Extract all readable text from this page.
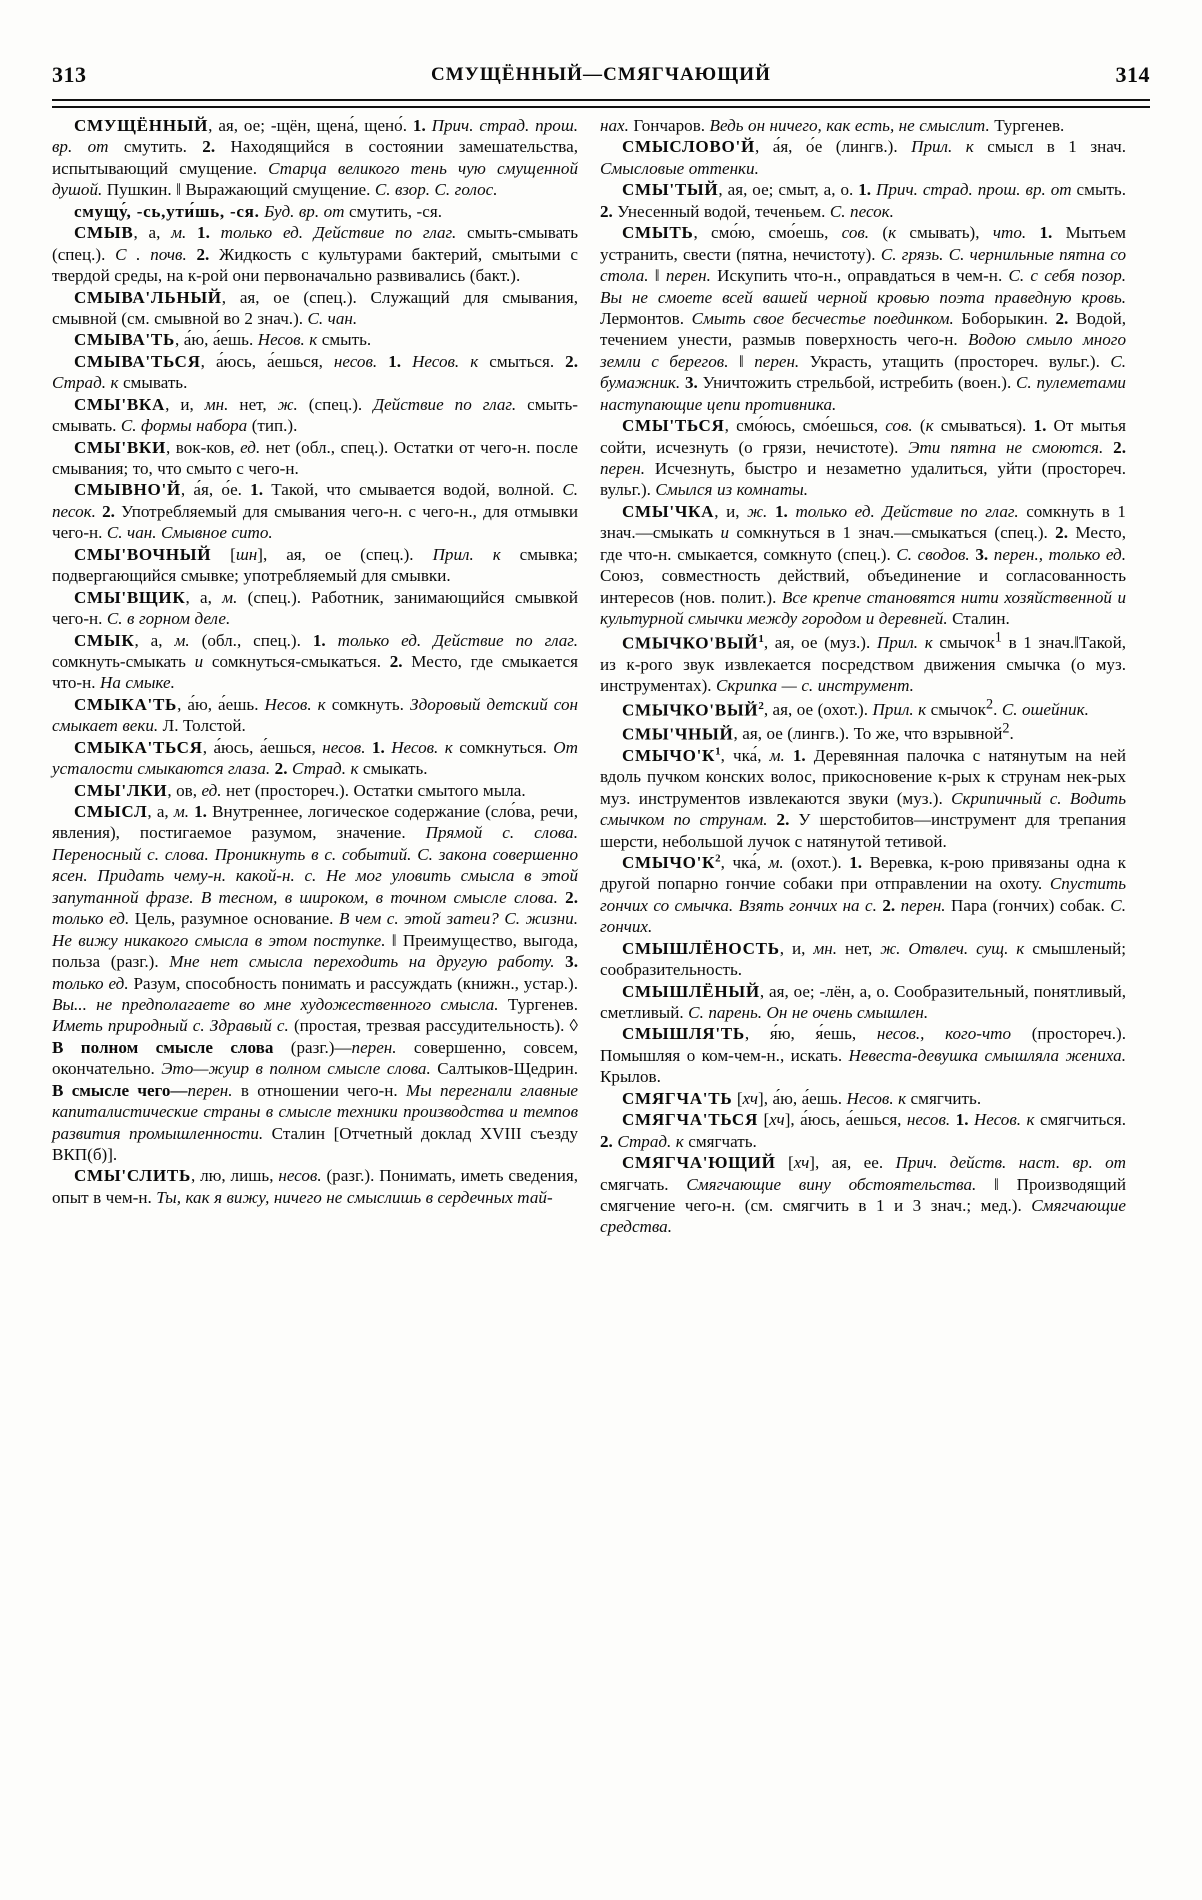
313	СМУЩЁННЫЙ—СМЯГЧАЮЩИЙ	314

СМУЩЁННЫЙ, ая, ое; -щён, щена́, щено́. 1. Прич. страд. прош. вр. от смутить. 2. Находящийся в состоянии замешательства, испытывающий смущение. Старца великого тень чую смущенной душой. Пушкин. ǁ Выражающий смущение. С. взор. С. голос.

смущу́, -сь,ути́шь, -ся. Буд. вр. от смутить, -ся.

СМЫВ, а, м. 1. только ед. Действие по глаг. смыть-смывать (спец.). С . почв. 2. Жидкость с культурами бактерий, смытыми с твердой среды, на к-рой они первоначально развивались (бакт.).

СМЫВА'ЛЬНЫЙ, ая, ое (спец.). Служащий для смывания, смывной (см. смывной во 2 знач.). С. чан.

СМЫВА'ТЬ, а́ю, а́ешь. Несов. к смыть.

СМЫВА'ТЬСЯ, а́юсь, а́ешься, несов. 1. Несов. к смыться. 2. Страд. к смывать.

СМЫ'ВКА, и, мн. нет, ж. (спец.). Действие по глаг. смыть-смывать. С. формы набора (тип.).

СМЫ'ВКИ, вок-ков, ед. нет (обл., спец.). Остатки от чего-н. после смывания; то, что смыто с чего-н.

СМЫВНО'Й, а́я, о́е. 1. Такой, что смывается водой, волной. С. песок. 2. Употребляемый для смывания чего-н. с чего-н., для отмывки чего-н. С. чан. Смывное сито.

СМЫ'ВОЧНЫЙ [шн], ая, ое (спец.). Прил. к смывка; подвергающийся смывке; употребляемый для смывки.

СМЫ'ВЩИК, а, м. (спец.). Работник, занимающийся смывкой чего-н. С. в горном деле.

СМЫК, а, м. (обл., спец.). 1. только ед. Действие по глаг. сомкнуть-смыкать и сомкнуться-смыкаться. 2. Место, где смыкается что-н. На смыке.

СМЫКА'ТЬ, а́ю, а́ешь. Несов. к сомкнуть. Здоровый детский сон смыкает веки. Л. Толстой.

СМЫКА'ТЬСЯ, а́юсь, а́ешься, несов. 1. Несов. к сомкнуться. От усталости смыкаются глаза. 2. Страд. к смыкать.

СМЫ'ЛКИ, ов, ед. нет (простореч.). Остатки смытого мыла.

СМЫСЛ, а, м. 1. Внутреннее, логическое содержание (сло́ва, речи, явления), постигаемое разумом, значение. Прямой с. слова. Переносный с. слова. Проникнуть в с. событий. С. закона совершенно ясен. Придать чему-н. какой-н. с. Не мог уловить смысла в этой запутанной фразе. В тесном, в широком, в точном смысле слова. 2. только ед. Цель, разумное основание. В чем с. этой затеи? С. жизни. Не вижу никакого смысла в этом поступке. ǁ Преимущество, выгода, польза (разг.). Мне нет смысла переходить на другую работу. 3. только ед. Разум, способность понимать и рассуждать (книжн., устар.). Вы... не предполагаете во мне художественного смысла. Тургенев. Иметь природный с. Здравый с. (простая, трезвая рассудительность). ◊ В полном смысле слова (разг.)—перен. совершенно, совсем, окончательно. Это—жуир в полном смысле слова. Салтыков-Щедрин. В смысле чего—перен. в отношении чего-н. Мы перегнали главные капиталистические страны в смысле техники производства и темпов развития промышленности. Сталин [Отчетный доклад XVIII съезду ВКП(б)].

СМЫ'СЛИТЬ, лю, лишь, несов. (разг.). Понимать, иметь сведения, опыт в чем-н. Ты, как я вижу, ничего не смыслишь в сердечных тай-

нах. Гончаров. Ведь он ничего, как есть, не смыслит. Тургенев.

СМЫСЛОВО'Й, а́я, о́е (лингв.). Прил. к смысл в 1 знач. Смысловые оттенки.

СМЫ'ТЫЙ, ая, ое; смыт, а, о. 1. Прич. страд. прош. вр. от смыть. 2. Унесенный водой, теченьем. С. песок.

СМЫТЬ, смо́ю, смо́ешь, сов. (к смывать), что. 1. Мытьем устранить, свести (пятна, нечистоту). С. грязь. С. чернильные пятна со стола. ǁ перен. Искупить что-н., оправдаться в чем-н. С. с себя позор. Вы не смоете всей вашей черной кровью поэта праведную кровь. Лермонтов. Смыть свое бесчестье поединком. Боборыкин. 2. Водой, течением унести, размыв поверхность чего-н. Водою смыло много земли с берегов. ǁ перен. Украсть, утащить (простореч. вульг.). С. бумажник. 3. Уничтожить стрельбой, истребить (воен.). С. пулеметами наступающие цепи противника.

СМЫ'ТЬСЯ, смо́юсь, смо́ешься, сов. (к смываться). 1. От мытья сойти, исчезнуть (о грязи, нечистоте). Эти пятна не смоются. 2. перен. Исчезнуть, быстро и незаметно удалиться, уйти (простореч. вульг.). Смылся из комнаты.

СМЫ'ЧКА, и, ж. 1. только ед. Действие по глаг. сомкнуть в 1 знач.—смыкать и сомкнуться в 1 знач.—смыкаться (спец.). 2. Место, где что-н. смыкается, сомкнуто (спец.). С. сводов. 3. перен., только ед. Союз, совместность действий, объединение и согласованность интересов (нов. полит.). Все крепче становятся нити хозяйственной и культурной смычки между городом и деревней. Сталин.

СМЫЧКО'ВЫЙ$^1$, ая, ое (муз.). Прил. к смычок$^1$ в 1 знач.ǁТакой, из к-рого звук извлекается посредством движения смычка (о муз. инструментах). Скрипка — с. инструмент.

СМЫЧКО'ВЫЙ$^2$, ая, ое (охот.). Прил. к смычок$^2$. С. ошейник.

СМЫ'ЧНЫЙ, ая, ое (лингв.). То же, что взрывной$^2$.

$СМЫЧО'К^1$, чка́, м. 1. Деревянная палочка с натянутым на ней вдоль пучком конских волос, прикосновение к-рых к струнам нек-рых муз. инструментов извлекаются звуки (муз.). Скрипичный с. Водить смычком по струнам. 2. У шерстобитов—инструмент для трепания шерсти, небольшой лучок с натянутой тетивой.

$СМЫЧО'К^2$, чка́, м. (охот.). 1. Веревка, к-рою привязаны одна к другой попарно гончие собаки при отправлении на охоту. Спустить гончих со смычка. Взять гончих на с. 2. перен. Пара (гончих) собак. С. гончих.

СМЫШЛЁНОСТЬ, и, мн. нет, ж. Отвлеч. сущ. к смышленый; сообразительность.

СМЫШЛЁНЫЙ, ая, ое; -лён, а, о. Сообразительный, понятливый, сметливый. С. парень. Он не очень смышлен.

СМЫШЛЯ'ТЬ, я́ю, я́ешь, несов., кого-что (простореч.). Помышляя о ком-чем-н., искать. Невеста-девушка смышляла жениха. Крылов.

СМЯГЧА'ТЬ [хч], а́ю, а́ешь. Несов. к смягчить.

СМЯГЧА'ТЬСЯ [хч], а́юсь, а́ешься, несов. 1. Несов. к смягчиться. 2. Страд. к смягчать.

СМЯГЧА'ЮЩИЙ [хч], ая, ее. Прич. действ. наст. вр. от смягчать. Смягчающие вину обстоятельства. ǁ Производящий смягчение чего-н. (см. смягчить в 1 и 3 знач.; мед.). Смягчающие средства.
